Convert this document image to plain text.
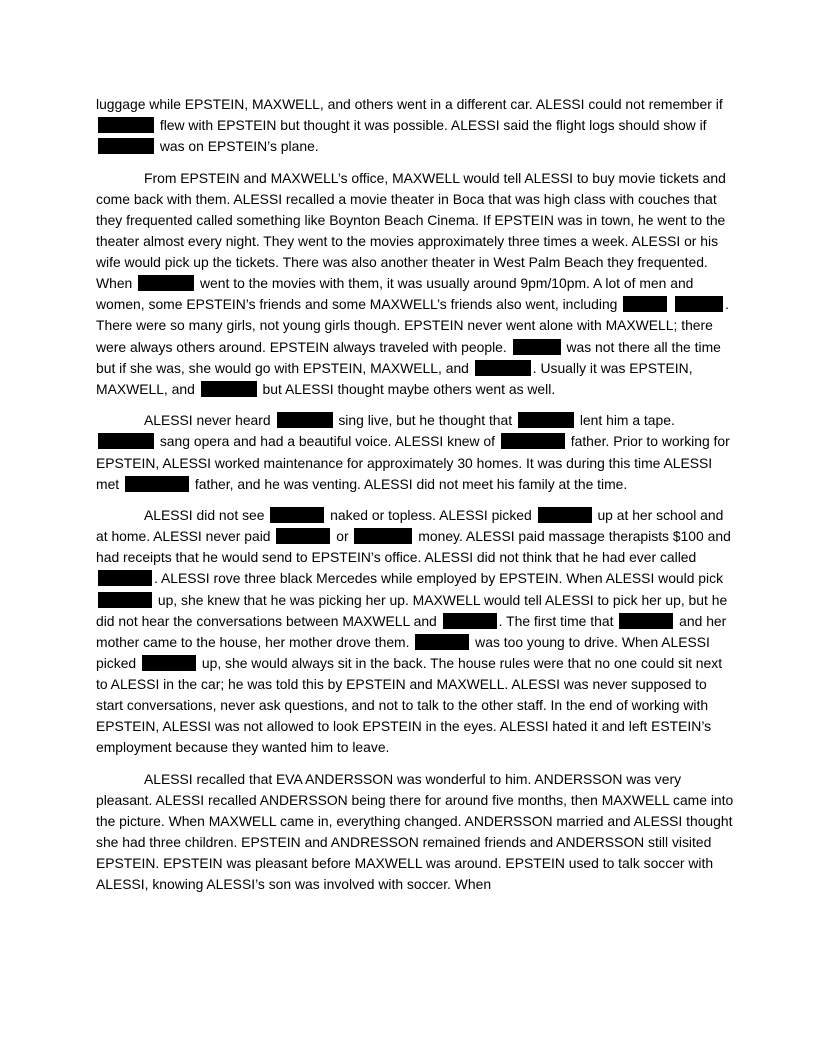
luggage while EPSTEIN, MAXWELL, and others went in a different car. ALESSI could not remember if  flew with EPSTEIN but thought it was possible. ALESSI said the flight logs should show if  was on EPSTEIN’s plane.

From EPSTEIN and MAXWELL’s office, MAXWELL would tell ALESSI to buy movie tickets and come back with them. ALESSI recalled a movie theater in Boca that was high class with couches that they frequented called something like Boynton Beach Cinema. If EPSTEIN was in town, he went to the theater almost every night. They went to the movies approximately three times a week. ALESSI or his wife would pick up the tickets. There was also another theater in West Palm Beach they frequented. When	went to the movies with them, it was usually around 9pm/10pm. A lot of men and women, some EPSTEIN’s friends and some MAXWELL’s friends also went, including	. There were so many girls, not young girls though. EPSTEIN never went alone with MAXWELL; there were always others around. EPSTEIN always traveled with people.	was not there all the time but if she was, she would go with EPSTEIN, MAXWELL, and	. Usually it was EPSTEIN, MAXWELL, and	but ALESSI thought maybe others went as well.

ALESSI never heard	sing live, but he thought that	lent him a tape.  sang opera and had a beautiful voice. ALESSI knew of	father. Prior to working for EPSTEIN, ALESSI worked maintenance for approximately 30 homes. It was during this time ALESSI met	father, and he was venting. ALESSI did not meet his family at the time.

ALESSI did not see	naked or topless. ALESSI picked	up at her school and at home. ALESSI never paid	or	money. ALESSI paid massage therapists $100 and had receipts that he would send to EPSTEIN’s office. ALESSI did not think that he had ever called . ALESSI rove three black Mercedes while employed by EPSTEIN. When ALESSI would pick  up, she knew that he was picking her up. MAXWELL would tell ALESSI to pick her up, but he did not hear the conversations between MAXWELL and	. The first time that	and her mother came to the house, her mother drove them.	was too young to drive. When ALESSI picked	up, she would always sit in the back. The house rules were that no one could sit next to ALESSI in the car; he was told this by EPSTEIN and MAXWELL. ALESSI was never supposed to start conversations, never ask questions, and not to talk to the other staff. In the end of working with EPSTEIN, ALESSI was not allowed to look EPSTEIN in the eyes. ALESSI hated it and left ESTEIN’s employment because they wanted him to leave.

ALESSI recalled that EVA ANDERSSON was wonderful to him. ANDERSSON was very pleasant. ALESSI recalled ANDERSSON being there for around five months, then MAXWELL came into the picture. When MAXWELL came in, everything changed. ANDERSSON married and ALESSI thought she had three children. EPSTEIN and ANDRESSON remained friends and ANDERSSON still visited EPSTEIN. EPSTEIN was pleasant before MAXWELL was around. EPSTEIN used to talk soccer with ALESSI, knowing ALESSI’s son was involved with soccer. When
